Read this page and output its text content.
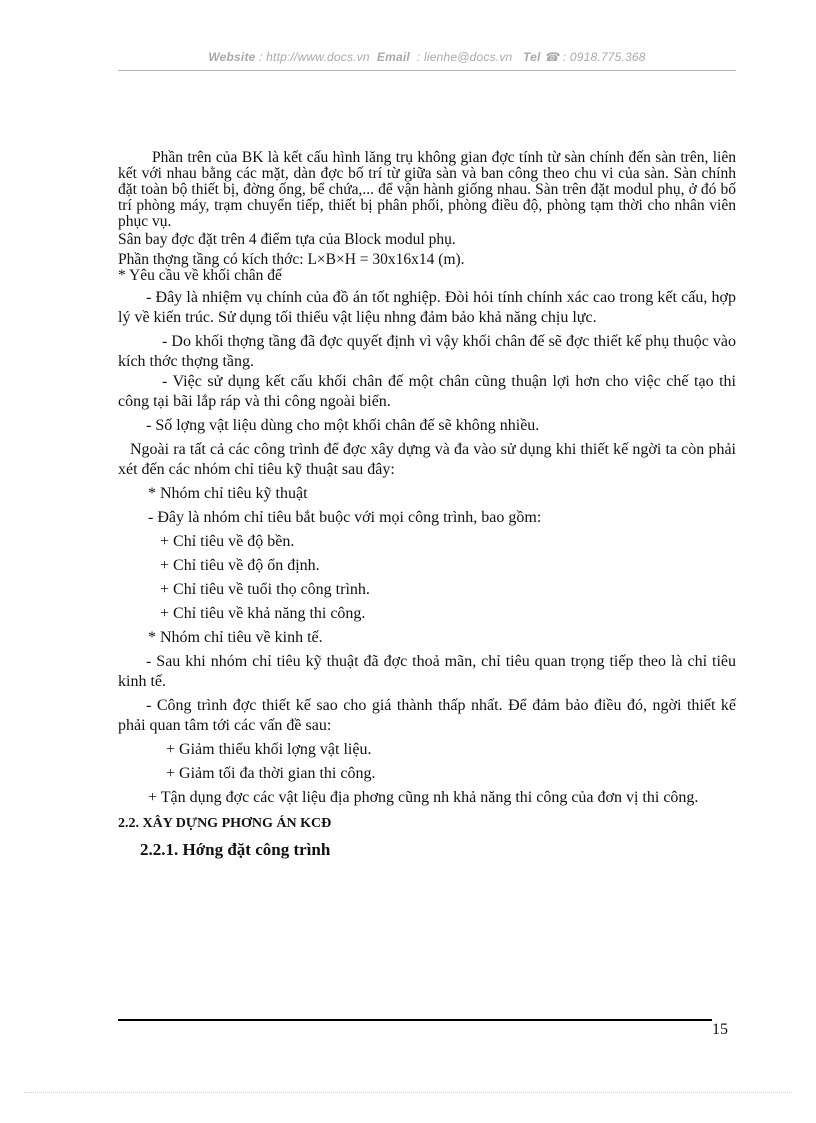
Website : http://www.docs.vn Email : lienhe@docs.vn Tel ☎ : 0918.775.368

Phần trên của BK là kết cấu hình lăng trụ không gian đợc tính từ sàn chính đến sàn trên, liên kết với nhau bằng các mặt, dàn đợc bố trí từ giữa sàn và ban công theo chu vi của sàn. Sàn chính đặt toàn bộ thiết bị, đờng ống, bể chứa,... để vận hành giống nhau. Sàn trên đặt modul phụ, ở đó bố trí phòng máy, trạm chuyển tiếp, thiết bị phân phối, phòng điều độ, phòng tạm thời cho nhân viên phục vụ.

Sân bay đợc đặt trên 4 điểm tựa của Block modul phụ.

Phần thợng tầng có kích thớc: L×B×H = 30x16x14 (m).

* Yêu cầu về khối chân đế

- Đây là nhiệm vụ chính của đồ án tốt nghiệp. Đòi hỏi tính chính xác cao trong kết cấu, hợp lý về kiến trúc. Sử dụng tối thiểu vật liệu nhng đảm bảo khả năng chịu lực.

- Do khối thợng tầng đã đợc quyết định vì vậy khối chân đế sẽ đợc thiết kế phụ thuộc vào kích thớc thợng tầng.

- Việc sử dụng kết cấu khối chân đế một chân cũng thuận lợi hơn cho việc chế tạo thi công tại bãi lắp ráp và thi công ngoài biển.

- Số lợng vật liệu dùng cho một khối chân đế sẽ không nhiều.

Ngoài ra tất cả các công trình để đợc xây dựng và đa vào sử dụng khi thiết kế ngời ta còn phải xét đến các nhóm chỉ tiêu kỹ thuật sau đây:

* Nhóm chỉ tiêu kỹ thuật

- Đây là nhóm chỉ tiêu bắt buộc với mọi công trình, bao gồm:

+ Chỉ tiêu về độ bền.

+ Chỉ tiêu về độ ổn định.

+ Chỉ tiêu về tuổi thọ công trình.

+ Chỉ tiêu về khả năng thi công.

* Nhóm chỉ tiêu về kinh tế.

- Sau khi nhóm chỉ tiêu kỹ thuật đã đợc thoả mãn, chỉ tiêu quan trọng tiếp theo là chỉ tiêu kinh tế.

- Công trình đợc thiết kế sao cho giá thành thấp nhất. Để đảm bảo điều đó, ngời thiết kế phải quan tâm tới các vấn đề sau:

+ Giảm thiểu khối lợng vật liệu.

+ Giảm tối đa thời gian thi công.

+ Tận dụng đợc các vật liệu địa phơng cũng nh khả năng thi công của đơn vị thi công.

2.2. XÂY DỰNG PHƠNG ÁN KCĐ
2.2.1. Hớng đặt công trình
15
